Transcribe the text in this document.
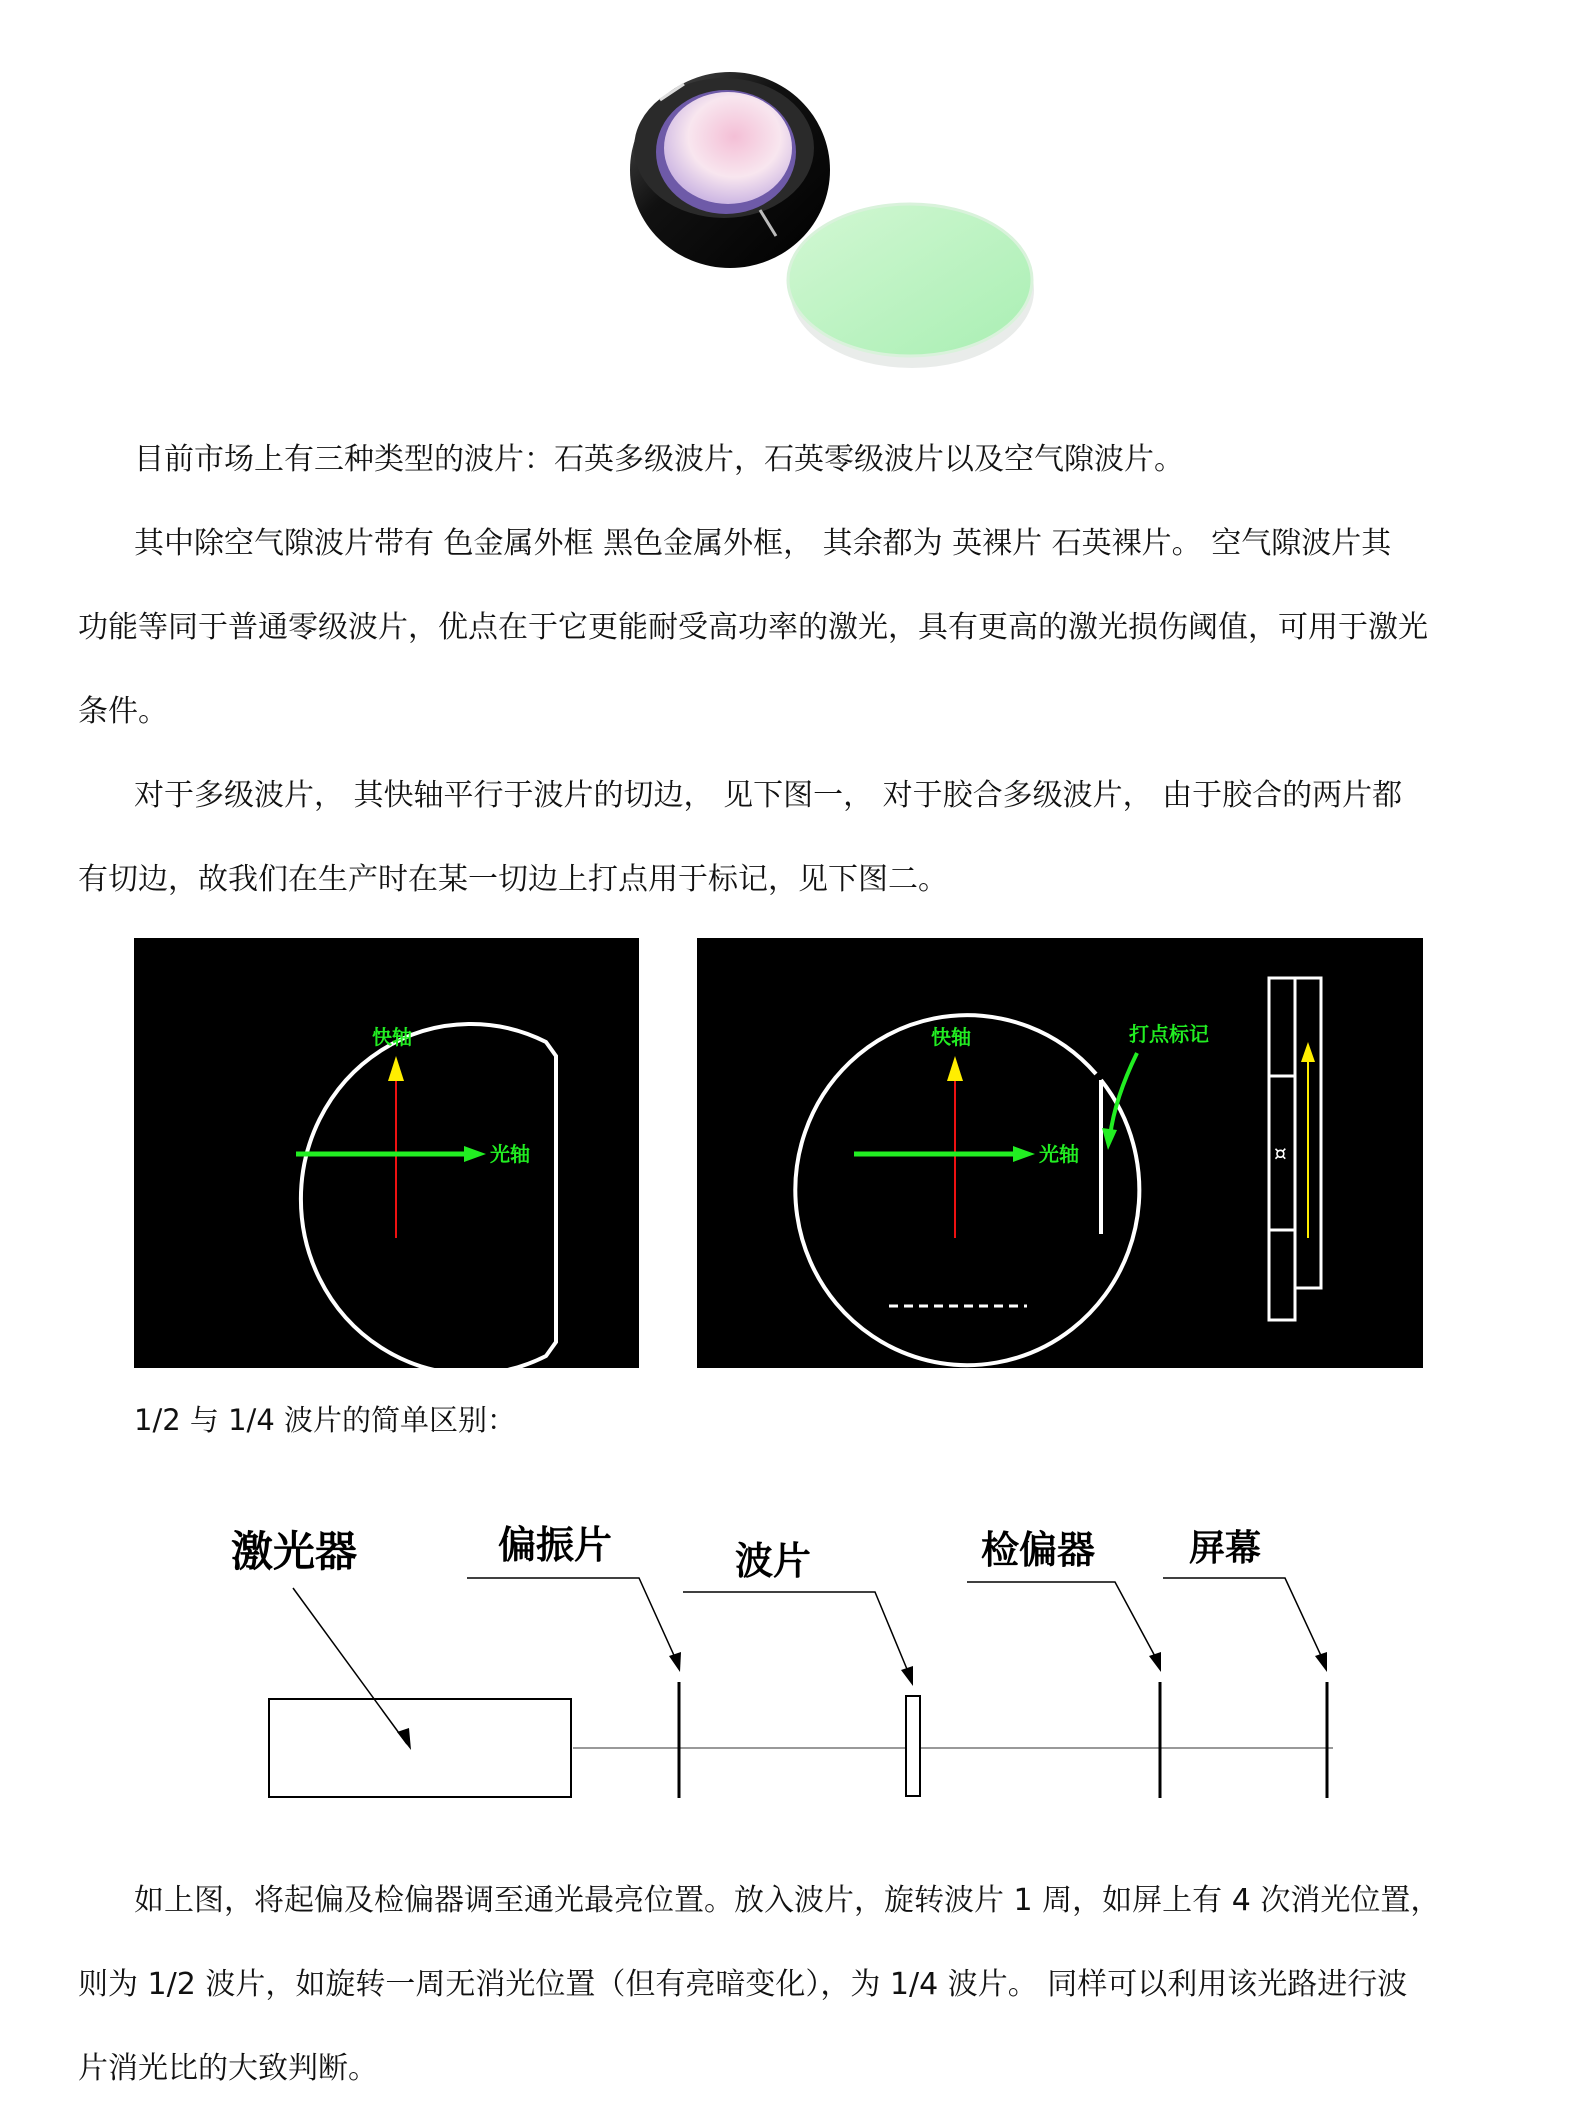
目前市场上有三种类型的波片：石英多级波片，石英零级波片以及空气隙波片。
其中除空气隙波片带有 色金属外框 黑色金属外框， 其余都为 英裸片 石英裸片。 空气隙波片其
功能等同于普通零级波片，优点在于它更能耐受高功率的激光，具有更高的激光损伤阈值，可用于激光
条件。
对于多级波片， 其快轴平行于波片的切边， 见下图一， 对于胶合多级波片， 由于胶合的两片都
有切边，故我们在生产时在某一切边上打点用于标记，见下图二。
快轴
光轴
快轴
光轴
打点标记
¤
1/2 与 1/4 波片的简单区别：
激光器	偏振片	波片	检偏器	屏幕
如上图，将起偏及检偏器调至通光最亮位置。放入波片，旋转波片 1 周，如屏上有 4 次消光位置，
则为 1/2 波片，如旋转一周无消光位置（但有亮暗变化），为 1/4 波片。 同样可以利用该光路进行波
片消光比的大致判断。
